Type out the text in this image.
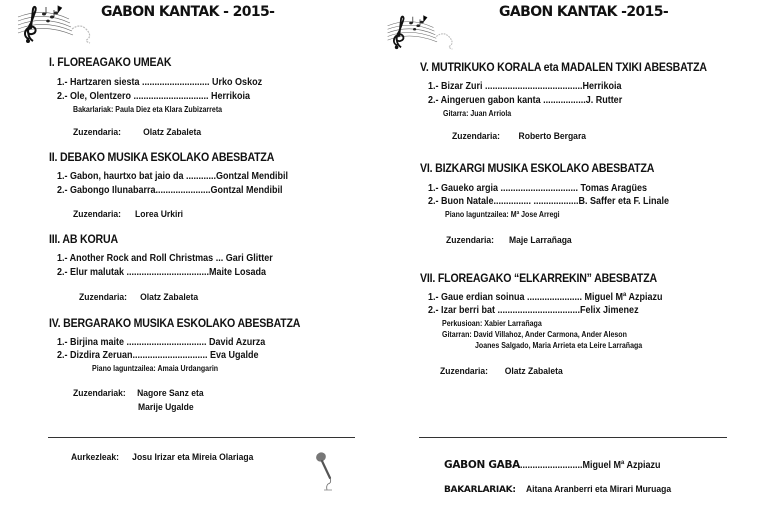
GABON KANTAK - 2015-
I. FLOREAGAKO UMEAK
1.- Hartzaren siesta ........................... Urko Oskoz
2.- Ole, Olentzero .............................. Herrikoia
Bakarlariak: Paula Diez eta Klara Zubizarreta
Zuzendaria: Olatz Zabaleta
II. DEBAKO MUSIKA ESKOLAKO ABESBATZA
1.- Gabon, haurtxo bat jaio da ............Gontzal Mendibil
2.- Gabongo Ilunabarra......................Gontzal Mendibil
Zuzendaria: Lorea Urkiri
III. AB KORUA
1.- Another Rock and Roll Christmas ... Gari Glitter
2.- Elur malutak .................................Maite Losada
Zuzendaria: Olatz Zabaleta
IV. BERGARAKO MUSIKA ESKOLAKO ABESBATZA
1.- Birjina maite ................................ David Azurza
2.- Dizdira Zeruan.............................. Eva Ugalde
Piano laguntzailea: Amaia Urdangarin
Zuzendariak: Nagore Sanz eta
Marije Ugalde
Aurkezleak: Josu Irizar eta Mireia Olariaga
GABON KANTAK -2015-
V. MUTRIKUKO KORALA eta MADALEN TXIKI ABESBATZA
1.- Bizar Zuri .......................................Herrikoia
2.- Aingeruen gabon kanta .................J. Rutter
Gitarra: Juan Arriola
Zuzendaria: Roberto Bergara
VI. BIZKARGI MUSIKA ESKOLAKO ABESBATZA
1.- Gaueko argia ............................... Tomas Aragües
2.- Buon Natale............... ..................B. Saffer eta F. Linale
Piano laguntzailea: Mª Jose Arregi
Zuzendaria: Maje Larrañaga
VII. FLOREAGAKO “ELKARREKIN” ABESBATZA
1.- Gaue erdian soinua ...................... Miguel Mª Azpiazu
2.- Izar berri bat .................................Felix Jimenez
Perkusioan: Xabier Larrañaga
Gitarran: David Villahoz, Ander Carmona, Ander Aleson
Joanes Salgado, Maria Arrieta eta Leire Larrañaga
Zuzendaria: Olatz Zabaleta
GABON GABA.........................Miguel Mª Azpiazu
BAKARLARIAK: Aitana Aranberri eta Mirari Muruaga
